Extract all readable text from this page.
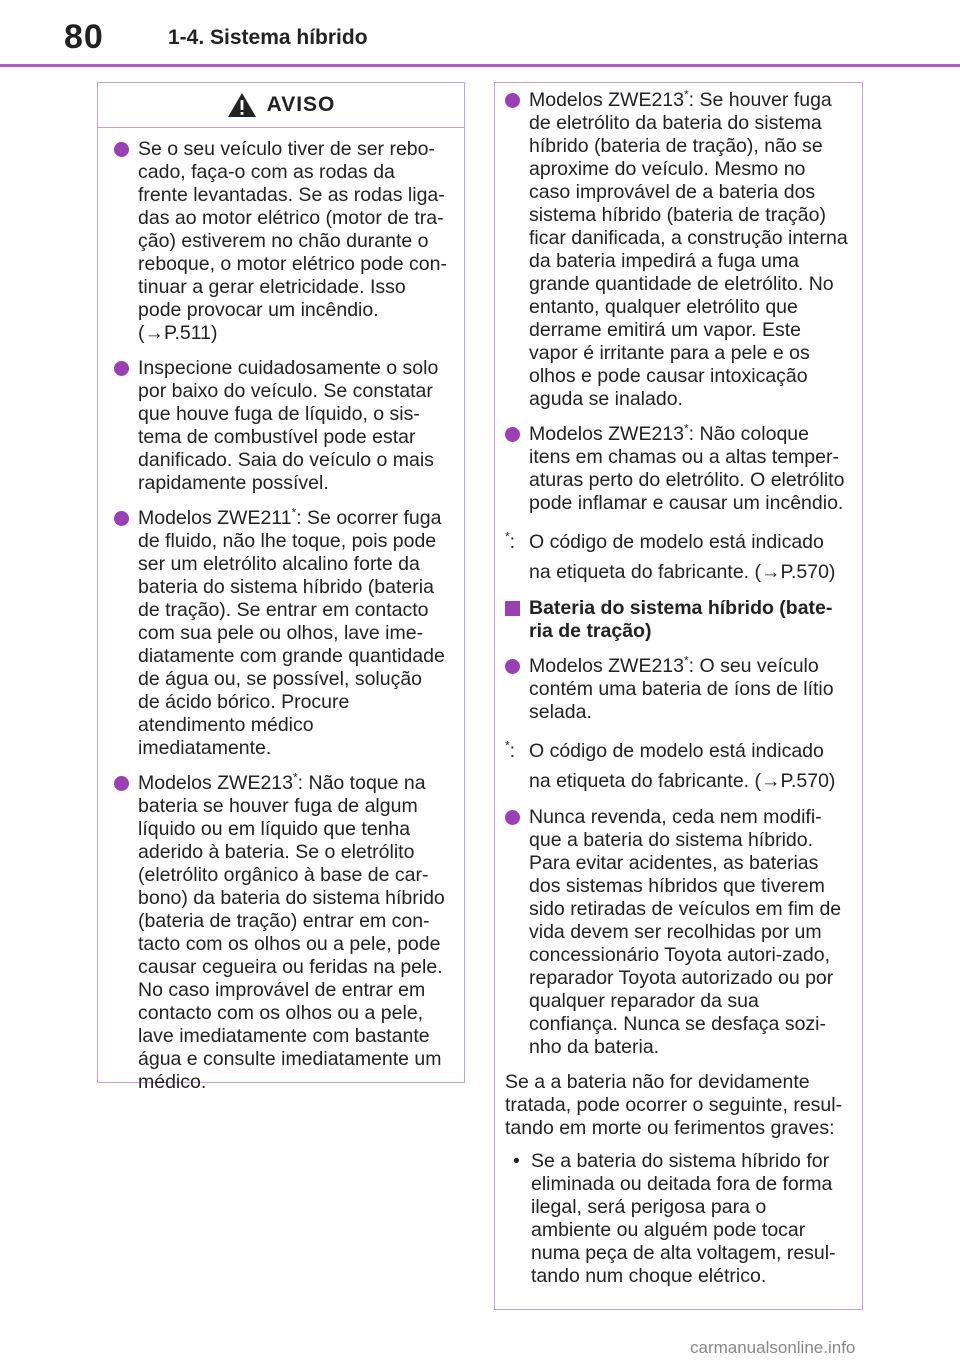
80	1-4. Sistema híbrido
AVISO
Se o seu veículo tiver de ser rebo-cado, faça-o com as rodas da frente levantadas. Se as rodas liga-das ao motor elétrico (motor de tra-ção) estiverem no chão durante o reboque, o motor elétrico pode con-tinuar a gerar eletricidade. Isso pode provocar um incêndio. (→P.511)
Inspecione cuidadosamente o solo por baixo do veículo. Se constatar que houve fuga de líquido, o sis-tema de combustível pode estar danificado. Saia do veículo o mais rapidamente possível.
Modelos ZWE211*: Se ocorrer fuga de fluido, não lhe toque, pois pode ser um eletrólito alcalino forte da bateria do sistema híbrido (bateria de tração). Se entrar em contacto com sua pele ou olhos, lave ime-diatamente com grande quantidade de água ou, se possível, solução de ácido bórico. Procure atendimento médico imediatamente.
Modelos ZWE213*: Não toque na bateria se houver fuga de algum líquido ou em líquido que tenha aderido à bateria. Se o eletrólito (eletrólito orgânico à base de car-bono) da bateria do sistema híbrido (bateria de tração) entrar em con-tacto com os olhos ou a pele, pode causar cegueira ou feridas na pele. No caso improvável de entrar em contacto com os olhos ou a pele, lave imediatamente com bastante água e consulte imediatamente um médico.
Modelos ZWE213*: Se houver fuga de eletrólito da bateria do sistema híbrido (bateria de tração), não se aproxime do veículo. Mesmo no caso improvável de a bateria dos sistema híbrido (bateria de tração) ficar danificada, a construção interna da bateria impedirá a fuga uma grande quantidade de eletrólito. No entanto, qualquer eletrólito que derrame emitirá um vapor. Este vapor é irritante para a pele e os olhos e pode causar intoxicação aguda se inalado.
Modelos ZWE213*: Não coloque itens em chamas ou a altas temper-aturas perto do eletrólito. O eletrólito pode inflamar e causar um incêndio.
*: O código de modelo está indicado na etiqueta do fabricante. (→P.570)
Bateria do sistema híbrido (bate-ria de tração)
Modelos ZWE213*: O seu veículo contém uma bateria de íons de lítio selada.
*: O código de modelo está indicado na etiqueta do fabricante. (→P.570)
Nunca revenda, ceda nem modifi-que a bateria do sistema híbrido. Para evitar acidentes, as baterias dos sistemas híbridos que tiverem sido retiradas de veículos em fim de vida devem ser recolhidas por um concessionário Toyota autori-zado, reparador Toyota autorizado ou por qualquer reparador da sua confiança. Nunca se desfaça sozi-nho da bateria.
Se a a bateria não for devidamente tratada, pode ocorrer o seguinte, resul-tando em morte ou ferimentos graves:
• Se a bateria do sistema híbrido for eliminada ou deitada fora de forma ilegal, será perigosa para o ambiente ou alguém pode tocar numa peça de alta voltagem, resul-tando num choque elétrico.
carmanualsonline.info
